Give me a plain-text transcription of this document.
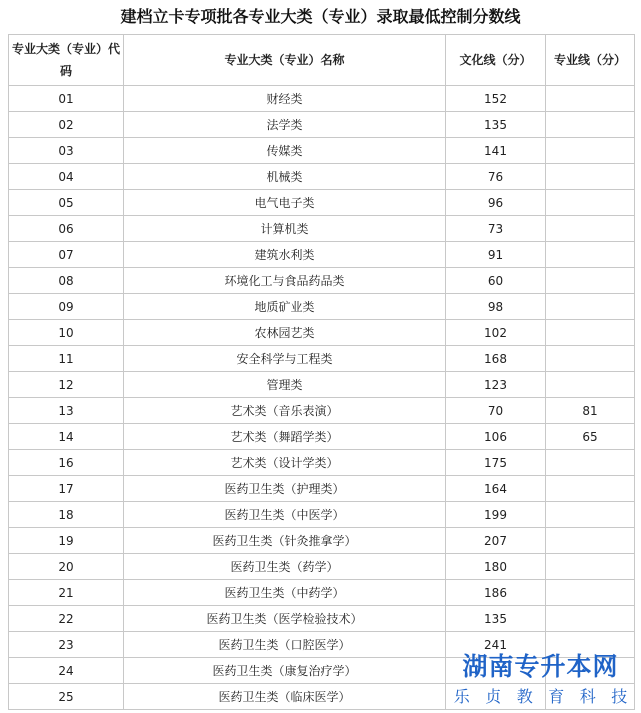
建档立卡专项批各专业大类（专业）录取最低控制分数线
专业大类（专业）代码	专业大类（专业）名称	文化线（分）	专业线（分）
01	财经类	152	
02	法学类	135	
03	传媒类	141	
04	机械类	76	
05	电气电子类	96	
06	计算机类	73	
07	建筑水利类	91	
08	环境化工与食品药品类	60	
09	地质矿业类	98	
10	农林园艺类	102	
11	安全科学与工程类	168	
12	管理类	123	
13	艺术类（音乐表演）	70	81
14	艺术类（舞蹈学类）	106	65
16	艺术类（设计学类）	175	
17	医药卫生类（护理类）	164	
18	医药卫生类（中医学）	199	
19	医药卫生类（针灸推拿学）	207	
20	医药卫生类（药学）	180	
21	医药卫生类（中药学）	186	
22	医药卫生类（医学检验技术）	135	
23	医药卫生类（口腔医学）	241	
24	医药卫生类（康复治疗学）		
25	医药卫生类（临床医学）		
湖南专升本网
乐 贞 教 育 科 技
